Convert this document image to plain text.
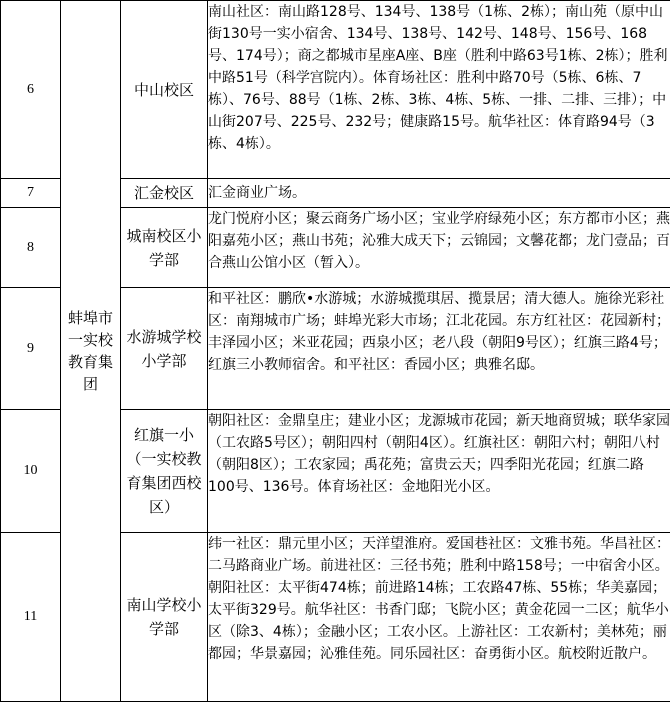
6	蚌埠市一实校教育集团	中山校区	南山社区：南山路128号、134号、138号（1栋、2栋）；南山苑（原中山街130号一实小宿舍、134号、138号、142号、148号、156号、168号、174号）；商之都城市星座A座、B座（胜利中路63号1栋、2栋）；胜利中路51号（科学宫院内）。体育场社区：胜利中路70号（5栋、6栋、7栋）、76号、88号（1栋、2栋、3栋、4栋、5栋、一排、二排、三排）；中山街207号、225号、232号；健康路15号。航华社区：体育路94号（3栋、4栋）。
7		汇金校区	汇金商业广场。
8		城南校区小学部	龙门悦府小区；聚云商务广场小区；宝业学府绿苑小区；东方都市小区；燕阳嘉苑小区；燕山书苑；沁雅大成天下；云锦园；文馨花都；龙门壹品；百合燕山公馆小区（暂入）。
9		水游城学校小学部	和平社区：鹏欣•水游城；水游城揽琪居、揽景居；清大德人。施徐光彩社区：南翔城市广场；蚌埠光彩大市场；江北花园。东方红社区：花园新村；丰泽园小区；米亚花园；西泉小区；老八段（朝阳9号区）；红旗三路4号；红旗三小教师宿舍。和平社区：香园小区；典雅名邸。
10		红旗一小（一实校教育集团西校区）	朝阳社区：金鼎皇庄；建业小区；龙源城市花园；新天地商贸城；联华家园（工农路5号区）；朝阳四村（朝阳4区）。红旗社区：朝阳六村；朝阳八村（朝阳8区）；工农家园；禹花苑；富贵云天；四季阳光花园；红旗二路100号、136号。体育场社区：金地阳光小区。
11		南山学校小学部	纬一社区：鼎元里小区；天洋望淮府。爱国巷社区：文雅书苑。华昌社区：二马路商业广场。前进社区：三径书苑；胜利中路158号；一中宿舍小区。朝阳社区：太平街474栋；前进路14栋；工农路47栋、55栋；华美嘉园；太平街329号。航华社区：书香门邸；飞院小区；黄金花园一二区；航华小区（除3、4栋）；金融小区；工农小区。上游社区：工农新村；美林苑；丽都园；华景嘉园；沁雅佳苑。同乐园社区：奋勇街小区。航校附近散户。
